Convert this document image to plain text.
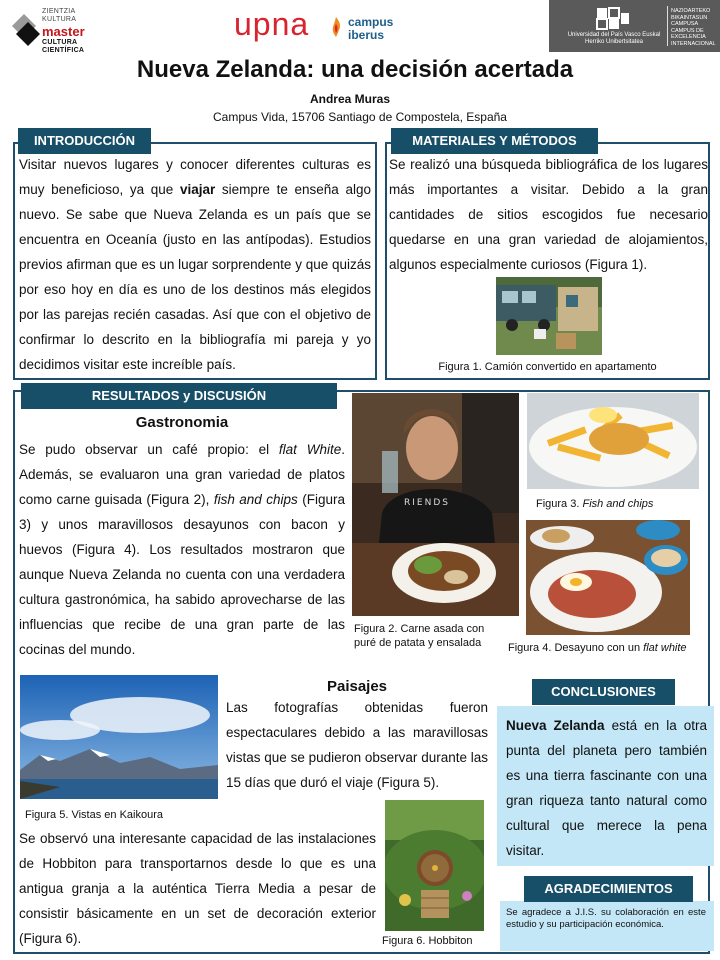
ZIENTZIA
KULTURA
master
CULTURA
CIENTÍFICA
upna	campus
iberus	Universidad del País Vasco Euskal Herriko Unibertsitatea
NAZIOARTEKO BIKAINTASUN CAMPUSA CAMPUS DE EXCELENCIA INTERNACIONAL
Nueva Zelanda: una decisión acertada
Andrea Muras
Campus Vida, 15706 Santiago de Compostela, España
INTRODUCCIÓN
Visitar nuevos lugares y conocer diferentes culturas es muy beneficioso, ya que viajar siempre te enseña algo nuevo. Se sabe que Nueva Zelanda es un país que se encuentra en Oceanía (justo en las antípodas). Estudios previos afirman que es un lugar sorprendente y que quizás por eso hoy en día es uno de los destinos más elegidos por las parejas recién casadas. Así que con el objetivo de confirmar lo descrito en la bibliografía mi pareja y yo decidimos visitar este increíble país.
MATERIALES Y MÉTODOS
Se realizó una búsqueda bibliográfica de los lugares más importantes a visitar. Debido a la gran cantidades de sitios escogidos fue necesario quedarse en una gran variedad de alojamientos, algunos especialmente curiosos (Figura 1).
Figura 1. Camión convertido en apartamento
RESULTADOS y DISCUSIÓN
Gastronomia
Se pudo observar un café propio: el flat White. Además, se evaluaron una gran variedad de platos como carne guisada (Figura 2), fish and chips (Figura 3) y unos maravillosos desayunos con bacon y huevos (Figura 4). Los resultados mostraron que aunque Nueva Zelanda no cuenta con una verdadera cultura gastronómica, ha sabido aprovecharse de las influencias que recibe de una gran parte de las cocinas del mundo.
RIENDS
Figura 2. Carne asada con
puré de patata y ensalada
Figura 3. Fish and chips
Figura 4. Desayuno con un flat white
Figura 5. Vistas en Kaikoura
Paisajes
Las fotografías obtenidas fueron espectaculares debido a las maravillosas vistas que se pudieron observar durante las 15 días que duró el viaje (Figura 5).
Se observó una interesante capacidad de las instalaciones de Hobbiton para transportarnos desde lo que es una antigua granja a la auténtica Tierra Media a pesar de consistir básicamente en un set de decoración exterior (Figura 6).	Figura 6. Hobbiton
CONCLUSIONES
Nueva Zelanda está en la otra punta del planeta pero también es una tierra fascinante con una gran riqueza tanto natural como cultural que merece la pena visitar.
AGRADECIMIENTOS
Se agradece a J.I.S. su colaboración en este estudio y su participación económica.
